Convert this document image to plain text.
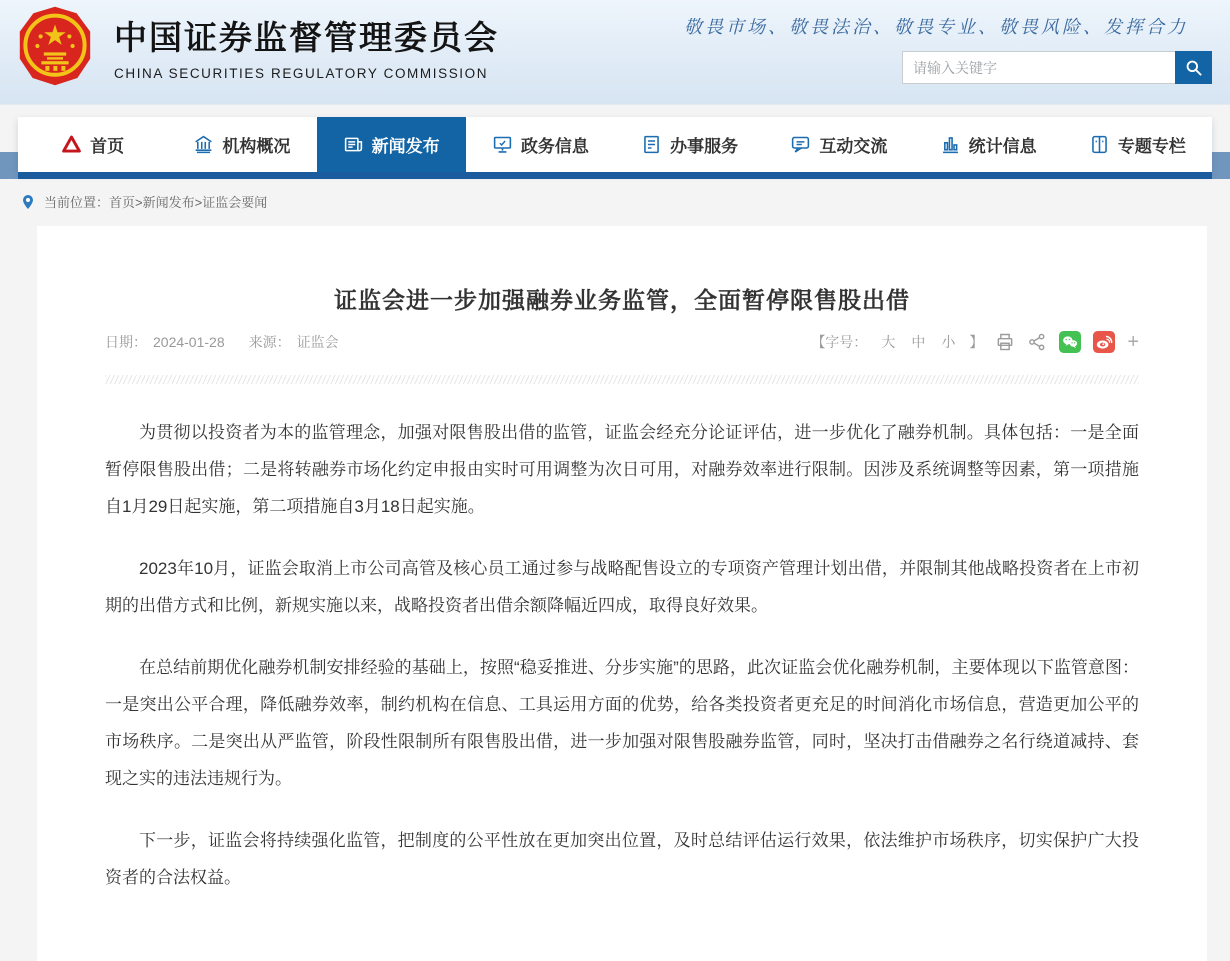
中国证券监督管理委员会
CHINA SECURITIES REGULATORY COMMISSION
敬畏市场、敬畏法治、敬畏专业、敬畏风险、发挥合力
请输入关键字
首页	机构概况	新闻发布	政务信息	办事服务	互动交流	统计信息	专题专栏
当前位置： 首页>新闻发布>证监会要闻
证监会进一步加强融券业务监管，全面暂停限售股出借
日期： 2024-01-28 来源： 证监会	【字号： 大 中 小 】	+

为贯彻以投资者为本的监管理念，加强对限售股出借的监管，证监会经充分论证评估，进一步优化了融券机制。具体包括：一是全面暂停限售股出借；二是将转融券市场化约定申报由实时可用调整为次日可用，对融券效率进行限制。因涉及系统调整等因素，第一项措施自1月29日起实施，第二项措施自3月18日起实施。

2023年10月，证监会取消上市公司高管及核心员工通过参与战略配售设立的专项资产管理计划出借，并限制其他战略投资者在上市初期的出借方式和比例，新规实施以来，战略投资者出借余额降幅近四成，取得良好效果。

在总结前期优化融券机制安排经验的基础上，按照“稳妥推进、分步实施”的思路，此次证监会优化融券机制，主要体现以下监管意图：一是突出公平合理，降低融券效率，制约机构在信息、工具运用方面的优势，给各类投资者更充足的时间消化市场信息，营造更加公平的市场秩序。二是突出从严监管，阶段性限制所有限售股出借，进一步加强对限售股融券监管，同时，坚决打击借融券之名行绕道减持、套现之实的违法违规行为。

下一步，证监会将持续强化监管，把制度的公平性放在更加突出位置，及时总结评估运行效果，依法维护市场秩序，切实保护广大投资者的合法权益。
